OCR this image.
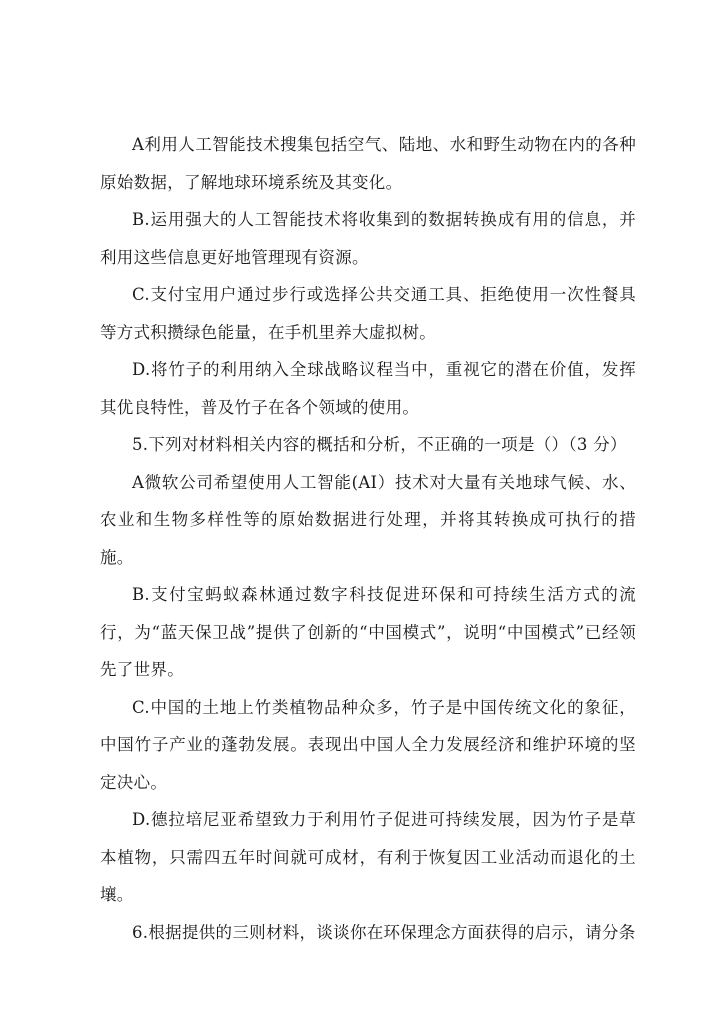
A利用人工智能技术搜集包括空气、陆地、水和野生动物在内的各种原始数据，了解地球环境系统及其变化。

B.运用强大的人工智能技术将收集到的数据转换成有用的信息，并利用这些信息更好地管理现有资源。

C.支付宝用户通过步行或选择公共交通工具、拒绝使用一次性餐具等方式积攒绿色能量，在手机里养大虚拟树。

D.将竹子的利用纳入全球战略议程当中，重视它的潜在价值，发挥其优良特性，普及竹子在各个领域的使用。

5.下列对材料相关内容的概括和分析，不正确的一项是（）（3 分）

A微软公司希望使用人工智能(AI）技术对大量有关地球气候、水、农业和生物多样性等的原始数据进行处理，并将其转换成可执行的措施。

B.支付宝蚂蚁森林通过数字科技促进环保和可持续生活方式的流行，为“蓝天保卫战”提供了创新的“中国模式”，说明“中国模式”已经领先了世界。

C.中国的土地上竹类植物品种众多，竹子是中国传统文化的象征，中国竹子产业的蓬勃发展。表现出中国人全力发展经济和维护环境的坚定决心。

D.德拉培尼亚希望致力于利用竹子促进可持续发展，因为竹子是草本植物，只需四五年时间就可成材，有利于恢复因工业活动而退化的土壤。

6.根据提供的三则材料，谈谈你在环保理念方面获得的启示，请分条
